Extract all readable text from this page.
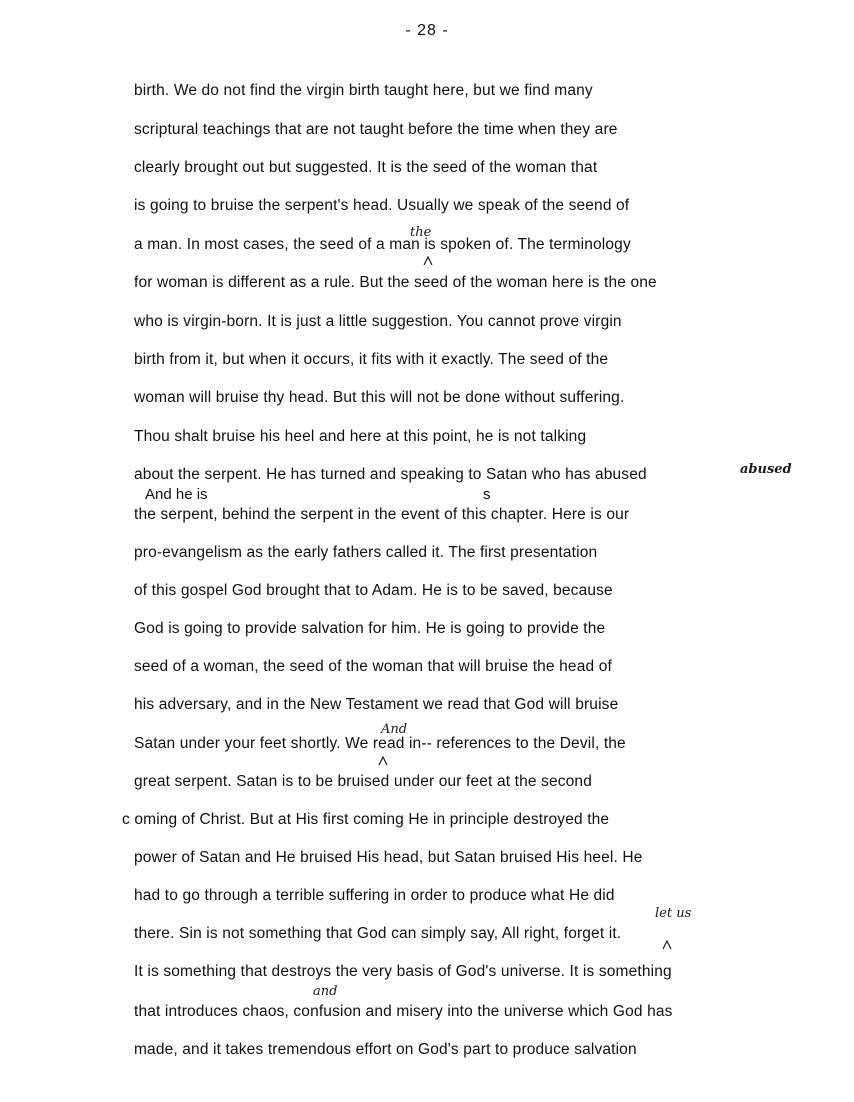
- 28 -
birth. We do not find the virgin birth taught here, but we find many
scriptural teachings that are not taught before the time when they are
clearly brought out but suggested. It is the seed of the woman that
is going to bruise the serpent's head. Usually we speak of the seend of
a man. In most cases, the seed of a man is spoken of. The terminology
for woman is different as a rule. But the seed of the woman here is the one
who is virgin-born. It is just a little suggestion. You cannot prove virgin
birth from it, but when it occurs, it fits with it exactly. The seed of the
woman will bruise thy head. But this will not be done without suffering.
Thou shalt bruise his heel and here at this point, he is not talking
about the serpent. He has turned and speaking to Satan who has abused
the serpent, behind the serpent in the event of this chapter. Here is our
pro-evangelism as the early fathers called it. The first presentation
of this gospel God brought that to Adam. He is to be saved, because
God is going to provide salvation for him. He is going to provide the
seed of a woman, the seed of the woman that will bruise the head of
his adversary, and in the New Testament we read that God will bruise
Satan under your feet shortly. We read in-- references to the Devil, the
great serpent. Satan is to be bruised under our feet at the second
c oming of Christ. But at His first coming He in principle destroyed the
power of Satan and He bruised His head, but Satan bruised His heel. He
had to go through a terrible suffering in order to produce what He did
there. Sin is not something that God can simply say, All right, forget it.
It is something that destroys the very basis of God's universe. It is something
that introduces chaos, confusion and misery into the universe which God has
made, and it takes tremendous effort on God's part to produce salvation
the
abused
And he is	s
And
let us
and
